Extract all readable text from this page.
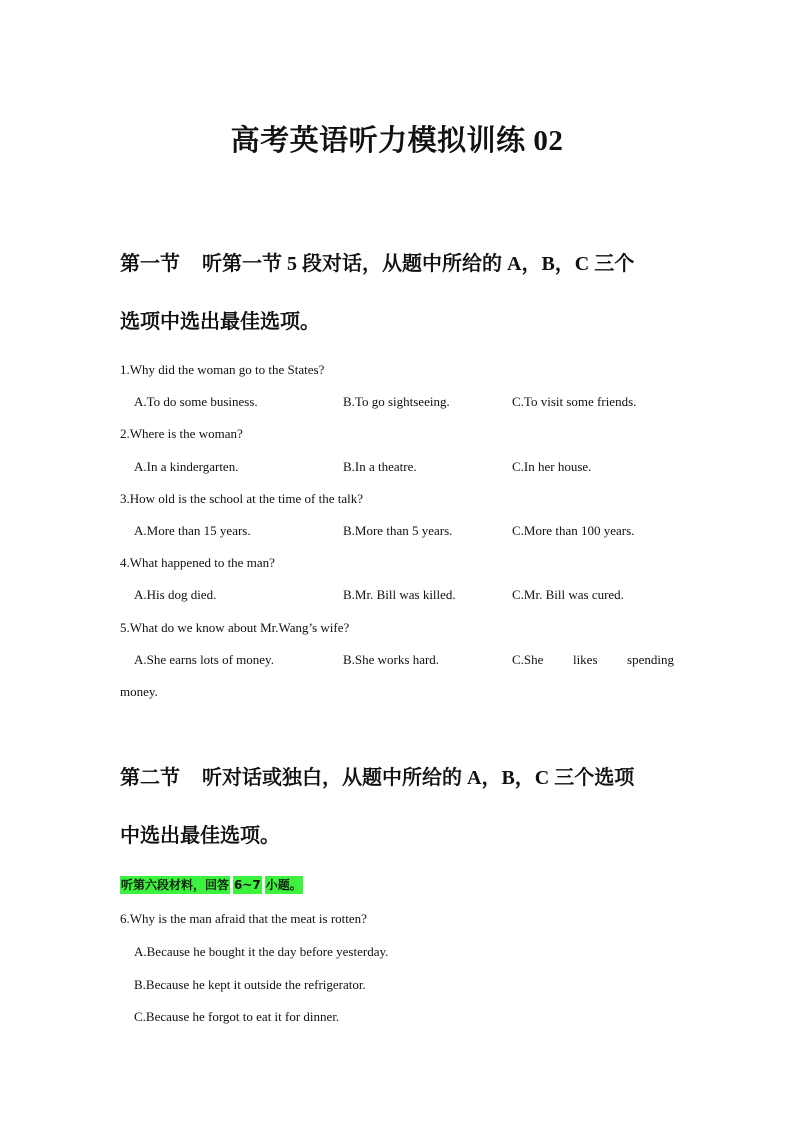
高考英语听力模拟训练 02
第一节 听第一节 5 段对话，从题中所给的 A，B，C 三个
选项中选出最佳选项。
1.Why did the woman go to the States?
A.To do some business.	B.To go sightseeing.	C.To visit some friends.
2.Where is the woman?
A.In a kindergarten.	B.In a theatre.	C.In her house.
3.How old is the school at the time of the talk?
A.More than 15 years.	B.More than 5 years.	C.More than 100 years.
4.What happened to the man?
A.His dog died.	B.Mr. Bill was killed.	C.Mr. Bill was cured.
5.What do we know about Mr.Wang’s wife?
A.She earns lots of money.	B.She works hard.	C.She likes spending
money.
第二节 听对话或独白，从题中所给的 A，B，C 三个选项
中选出最佳选项。
听第六段材料，回答 6~7 小题。
6.Why is the man afraid that the meat is rotten?
A.Because he bought it the day before yesterday.
B.Because he kept it outside the refrigerator.
C.Because he forgot to eat it for dinner.
